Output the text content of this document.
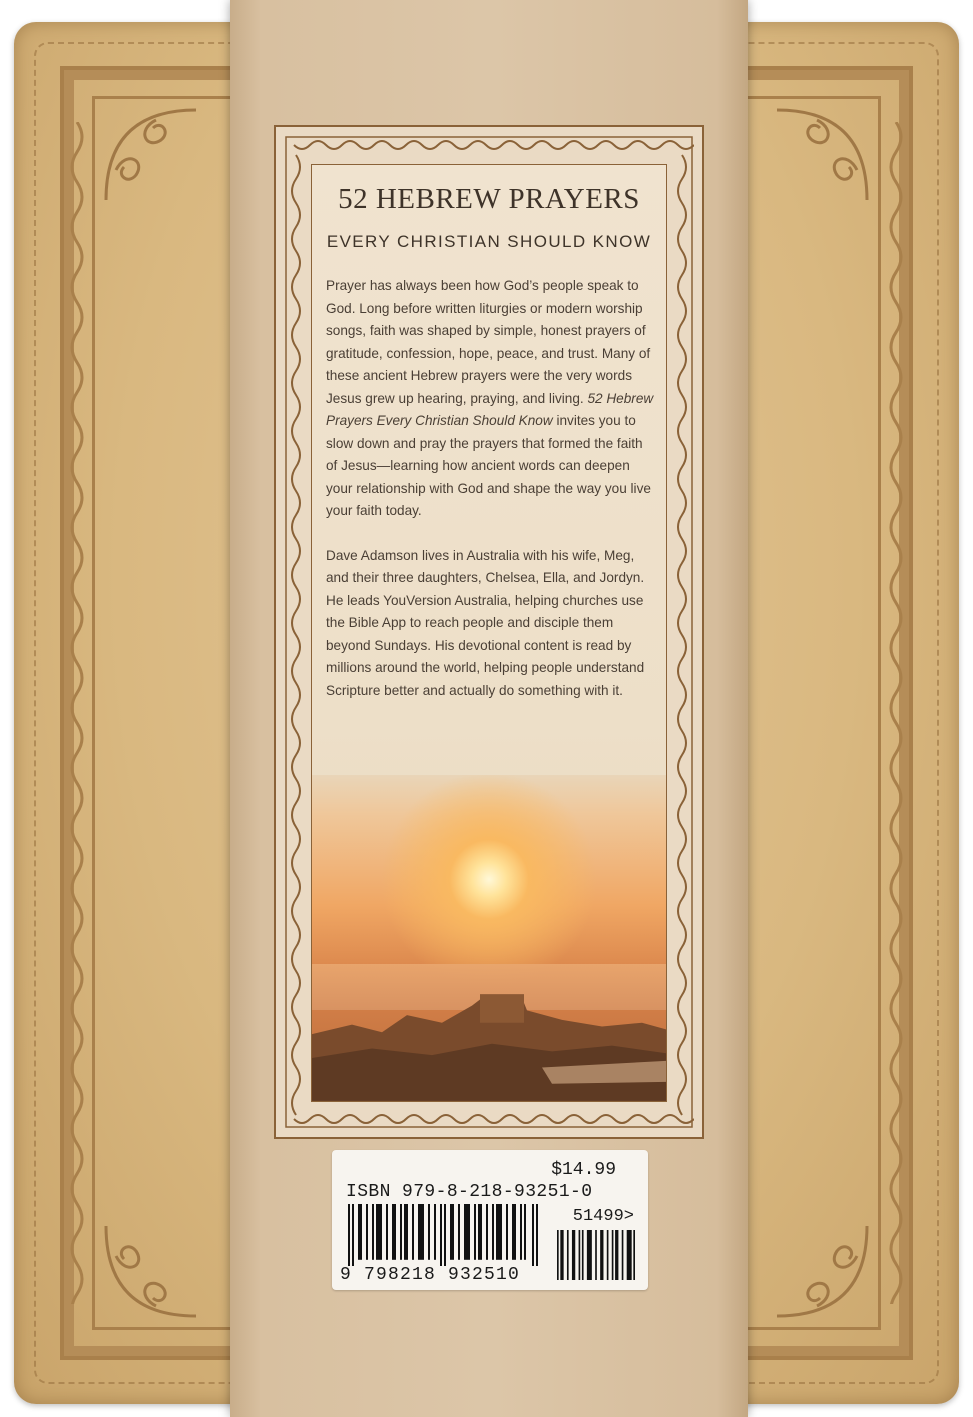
52 HEBREW PRAYERS
EVERY CHRISTIAN SHOULD KNOW

Prayer has always been how God’s people speak to God. Long before written liturgies or modern worship songs, faith was shaped by simple, honest prayers of gratitude, confession, hope, peace, and trust. Many of these ancient Hebrew prayers were the very words Jesus grew up hearing, praying, and living. 52 Hebrew Prayers Every Christian Should Know invites you to slow down and pray the prayers that formed the faith of Jesus—learning how ancient words can deepen your relationship with God and shape the way you live your faith today.

Dave Adamson lives in Australia with his wife, Meg, and their three daughters, Chelsea, Ella, and Jordyn. He leads YouVersion Australia, helping churches use the Bible App to reach people and disciple them beyond Sundays. His devotional content is read by millions around the world, helping people understand Scripture better and actually do something with it.

$14.99
ISBN 979-8-218-93251-0
51499>
9 798218 932510
